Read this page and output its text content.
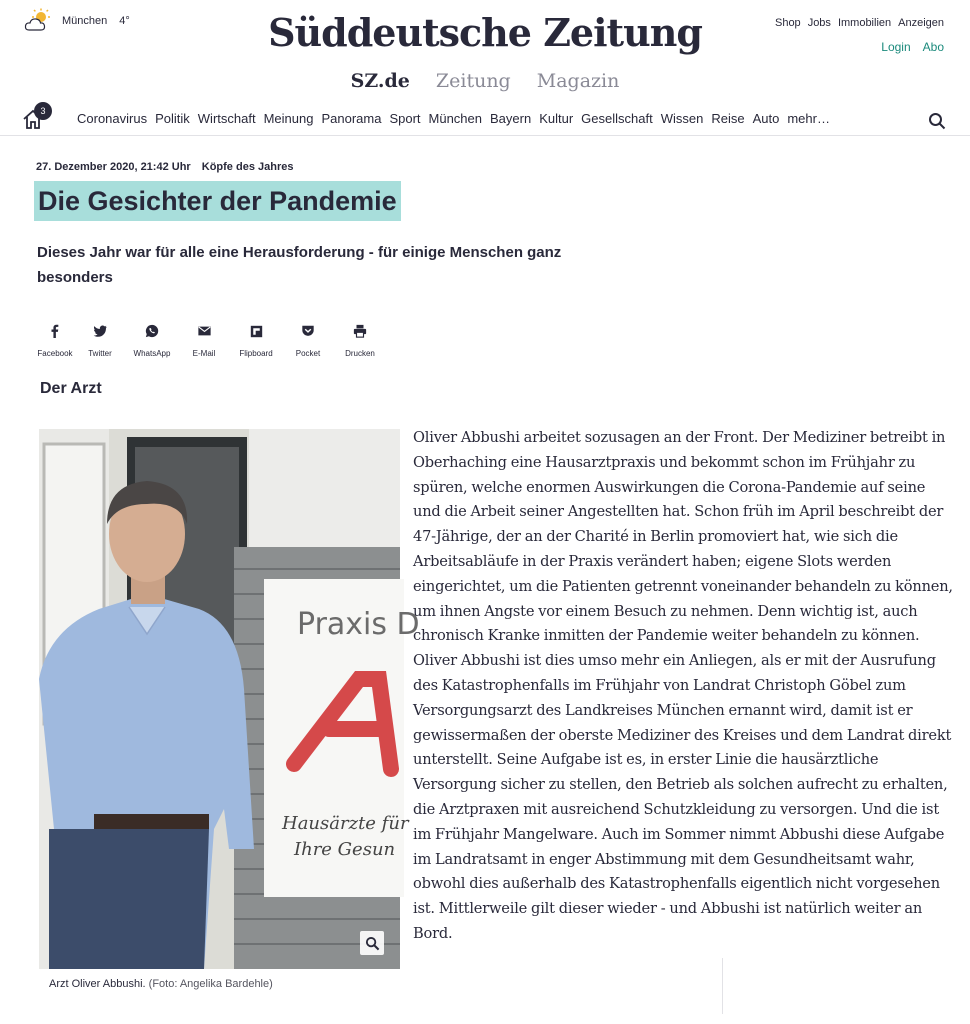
München 4°	Süddeutsche Zeitung
SZ.de Zeitung Magazin
Shop Jobs Immobilien Anzeigen
Login Abo
3	Coronavirus Politik Wirtschaft Meinung Panorama Sport München Bayern Kultur Gesellschaft Wissen Reise Auto mehr…
27. Dezember 2020, 21:42 Uhr Köpfe des Jahres
Die Gesichter der Pandemie

Dieses Jahr war für alle eine Herausforderung - für einige Menschen ganz besonders

Facebook Twitter	WhatsApp	E-Mail	Flipboard	Pocket	Drucken
Der Arzt
Praxis D
Hausärzte für
Ihre Gesun
Arzt Oliver Abbushi. (Foto: Angelika Bardehle)

Oliver Abbushi arbeitet sozusagen an der Front. Der Mediziner betreibt in Oberhaching eine Hausarztpraxis und bekommt schon im Frühjahr zu spüren, welche enormen Auswirkungen die Corona-Pandemie auf seine und die Arbeit seiner Angestellten hat. Schon früh im April beschreibt der 47-Jährige, der an der Charité in Berlin promoviert hat, wie sich die Arbeitsabläufe in der Praxis verändert haben; eigene Slots werden eingerichtet, um die Patienten getrennt voneinander behandeln zu können, um ihnen Angste vor einem Besuch zu nehmen. Denn wichtig ist, auch chronisch Kranke inmitten der Pandemie weiter behandeln zu können. Oliver Abbushi ist dies umso mehr ein Anliegen, als er mit der Ausrufung des Katastrophenfalls im Frühjahr von Landrat Christoph Göbel zum Versorgungsarzt des Landkreises München ernannt wird, damit ist er gewissermaßen der oberste Mediziner des Kreises und dem Landrat direkt unterstellt. Seine Aufgabe ist es, in erster Linie die hausärztliche Versorgung sicher zu stellen, den Betrieb als solchen aufrecht zu erhalten, die Arztpraxen mit ausreichend Schutzkleidung zu versorgen. Und die ist im Frühjahr Mangelware. Auch im Sommer nimmt Abbushi diese Aufgabe im Landratsamt in enger Abstimmung mit dem Gesundheitsamt wahr, obwohl dies außerhalb des Katastrophenfalls eigentlich nicht vorgesehen ist. Mittlerweile gilt dieser wieder - und Abbushi ist natürlich weiter an Bord.
